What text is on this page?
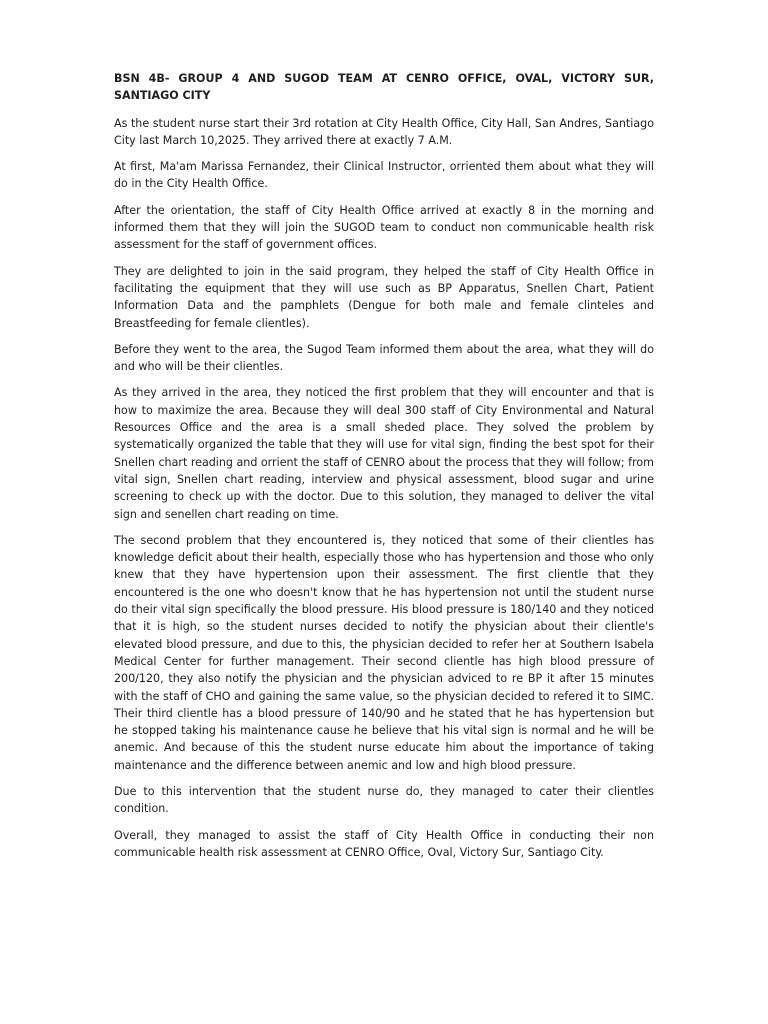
BSN 4B- GROUP 4 AND SUGOD TEAM AT CENRO OFFICE, OVAL, VICTORY SUR, SANTIAGO CITY

As the student nurse start their 3rd rotation at City Health Office, City Hall, San Andres, Santiago City last March 10,2025. They arrived there at exactly 7 A.M.

At first, Ma'am Marissa Fernandez, their Clinical Instructor, orriented them about what they will do in the City Health Office.

After the orientation, the staff of City Health Office arrived at exactly 8 in the morning and informed them that they will join the SUGOD team to conduct non communicable health risk assessment for the staff of government offices.

They are delighted to join in the said program, they helped the staff of City Health Office in facilitating the equipment that they will use such as BP Apparatus, Snellen Chart, Patient Information Data and the pamphlets (Dengue for both male and female clinteles and Breastfeeding for female clientles).

Before they went to the area, the Sugod Team informed them about the area, what they will do and who will be their clientles.

As they arrived in the area, they noticed the first problem that they will encounter and that is how to maximize the area. Because they will deal 300 staff of City Environmental and Natural Resources Office and the area is a small sheded place. They solved the problem by systematically organized the table that they will use for vital sign, finding the best spot for their Snellen chart reading and orrient the staff of CENRO about the process that they will follow; from vital sign, Snellen chart reading, interview and physical assessment, blood sugar and urine screening to check up with the doctor. Due to this solution, they managed to deliver the vital sign and senellen chart reading on time.

The second problem that they encountered is, they noticed that some of their clientles has knowledge deficit about their health, especially those who has hypertension and those who only knew that they have hypertension upon their assessment. The first clientle that they encountered is the one who doesn't know that he has hypertension not until the student nurse do their vital sign specifically the blood pressure. His blood pressure is 180/140 and they noticed that it is high, so the student nurses decided to notify the physician about their clientle's elevated blood pressure, and due to this, the physician decided to refer her at Southern Isabela Medical Center for further management. Their second clientle has high blood pressure of 200/120, they also notify the physician and the physician adviced to re BP it after 15 minutes with the staff of CHO and gaining the same value, so the physician decided to refered it to SIMC. Their third clientle has a blood pressure of 140/90 and he stated that he has hypertension but he stopped taking his maintenance cause he believe that his vital sign is normal and he will be anemic. And because of this the student nurse educate him about the importance of taking maintenance and the difference between anemic and low and high blood pressure.

Due to this intervention that the student nurse do, they managed to cater their clientles condition.

Overall, they managed to assist the staff of City Health Office in conducting their non communicable health risk assessment at CENRO Office, Oval, Victory Sur, Santiago City.
